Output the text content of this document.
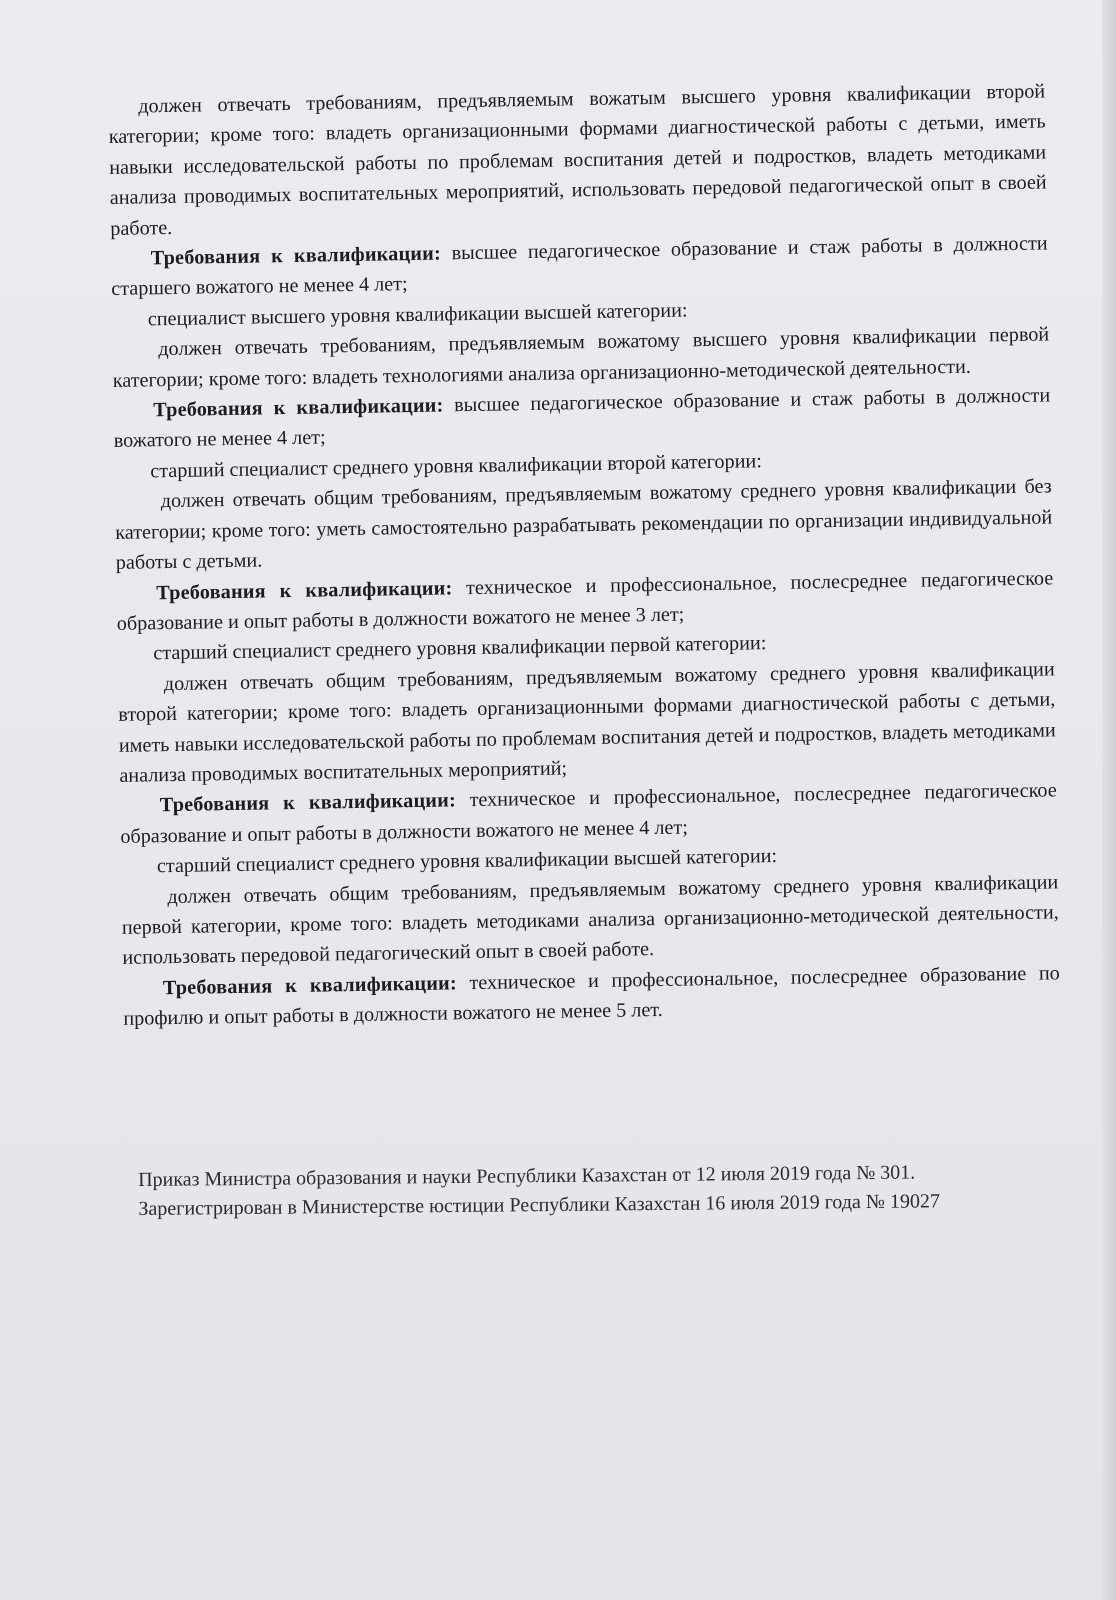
должен отвечать требованиям, предъявляемым вожатым высшего уровня квалификации второй категории; кроме того: владеть организационными формами диагностической работы с детьми, иметь навыки исследовательской работы по проблемам воспитания детей и подростков, владеть методиками анализа проводимых воспитательных мероприятий, использовать передовой педагогической опыт в своей работе.

Требования к квалификации: высшее педагогическое образование и стаж работы в должности старшего вожатого не менее 4 лет;

специалист высшего уровня квалификации высшей категории:

должен отвечать требованиям, предъявляемым вожатому высшего уровня квалификации первой категории; кроме того: владеть технологиями анализа организационно-методической деятельности.

Требования к квалификации: высшее педагогическое образование и стаж работы в должности вожатого не менее 4 лет;

старший специалист среднего уровня квалификации второй категории:

должен отвечать общим требованиям, предъявляемым вожатому среднего уровня квалификации без категории; кроме того: уметь самостоятельно разрабатывать рекомендации по организации индивидуальной работы с детьми.

Требования к квалификации: техническое и профессиональное, послесреднее педагогическое образование и опыт работы в должности вожатого не менее 3 лет;

старший специалист среднего уровня квалификации первой категории:

должен отвечать общим требованиям, предъявляемым вожатому среднего уровня квалификации второй категории; кроме того: владеть организационными формами диагностической работы с детьми, иметь навыки исследовательской работы по проблемам воспитания детей и подростков, владеть методиками анализа проводимых воспитательных мероприятий;

Требования к квалификации: техническое и профессиональное, послесреднее педагогическое образование и опыт работы в должности вожатого не менее 4 лет;

старший специалист среднего уровня квалификации высшей категории:

должен отвечать общим требованиям, предъявляемым вожатому среднего уровня квалификации первой категории, кроме того: владеть методиками анализа организационно-методической деятельности, использовать передовой педагогический опыт в своей работе.

Требования к квалификации: техническое и профессиональное, послесреднее образование по профилю и опыт работы в должности вожатого не менее 5 лет.

Приказ Министра образования и науки Республики Казахстан от 12 июля 2019 года № 301.

Зарегистрирован в Министерстве юстиции Республики Казахстан 16 июля 2019 года № 19027
